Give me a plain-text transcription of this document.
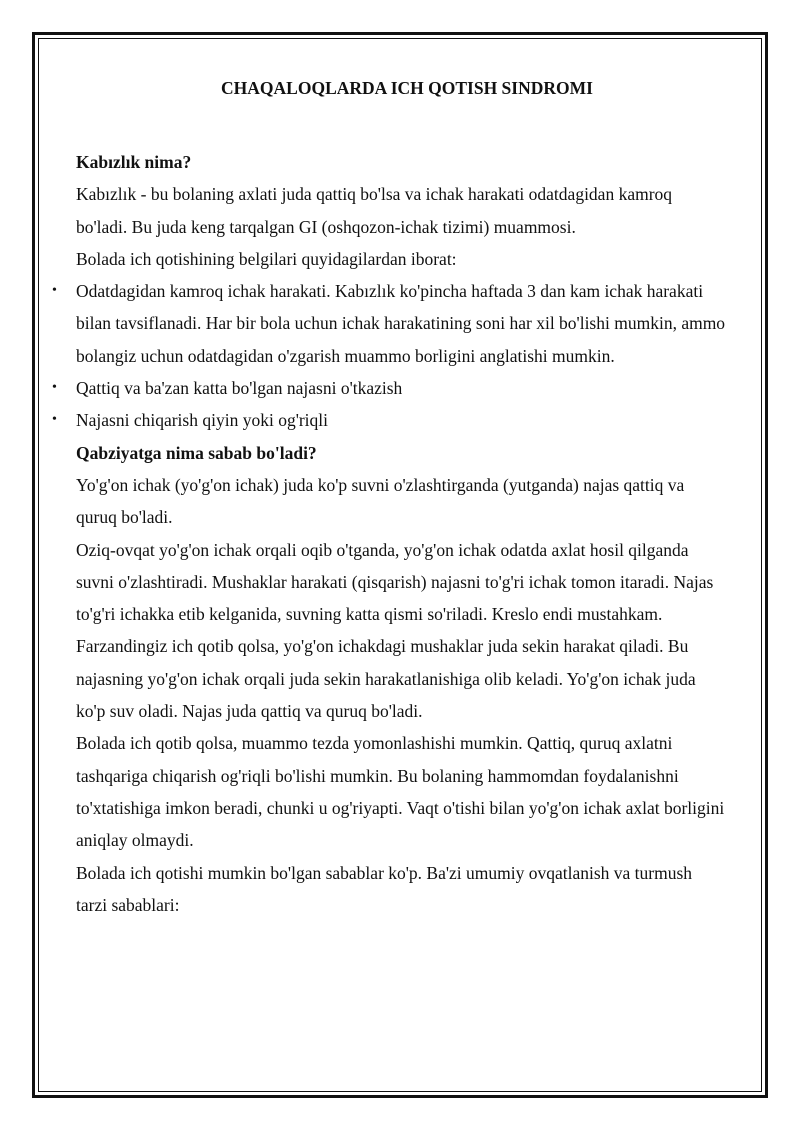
CHAQALOQLARDA ICH QOTISH SINDROMI

Kabızlık nima?

Kabızlık - bu bolaning axlati juda qattiq bo'lsa va ichak harakati odatdagidan kamroq bo'ladi. Bu juda keng tarqalgan GI (oshqozon-ichak tizimi) muammosi.

Bolada ich qotishining belgilari quyidagilardan iborat:

• Odatdagidan kamroq ichak harakati. Kabızlık ko'pincha haftada 3 dan kam ichak harakati bilan tavsiflanadi. Har bir bola uchun ichak harakatining soni har xil bo'lishi mumkin, ammo bolangiz uchun odatdagidan o'zgarish muammo borligini anglatishi mumkin.
• Qattiq va ba'zan katta bo'lgan najasni o'tkazish
• Najasni chiqarish qiyin yoki og'riqli

Qabziyatga nima sabab bo'ladi?

Yo'g'on ichak (yo'g'on ichak) juda ko'p suvni o'zlashtirganda (yutganda) najas qattiq va quruq bo'ladi.

Oziq-ovqat yo'g'on ichak orqali oqib o'tganda, yo'g'on ichak odatda axlat hosil qilganda suvni o'zlashtiradi. Mushaklar harakati (qisqarish) najasni to'g'ri ichak tomon itaradi. Najas to'g'ri ichakka etib kelganida, suvning katta qismi so'riladi. Kreslo endi mustahkam.

Farzandingiz ich qotib qolsa, yo'g'on ichakdagi mushaklar juda sekin harakat qiladi. Bu najasning yo'g'on ichak orqali juda sekin harakatlanishiga olib keladi. Yo'g'on ichak juda ko'p suv oladi. Najas juda qattiq va quruq bo'ladi.

Bolada ich qotib qolsa, muammo tezda yomonlashishi mumkin. Qattiq, quruq axlatni tashqariga chiqarish og'riqli bo'lishi mumkin. Bu bolaning hammomdan foydalanishni to'xtatishiga imkon beradi, chunki u og'riyapti. Vaqt o'tishi bilan yo'g'on ichak axlat borligini aniqlay olmaydi.

Bolada ich qotishi mumkin bo'lgan sabablar ko'p. Ba'zi umumiy ovqatlanish va turmush tarzi sabablari:
